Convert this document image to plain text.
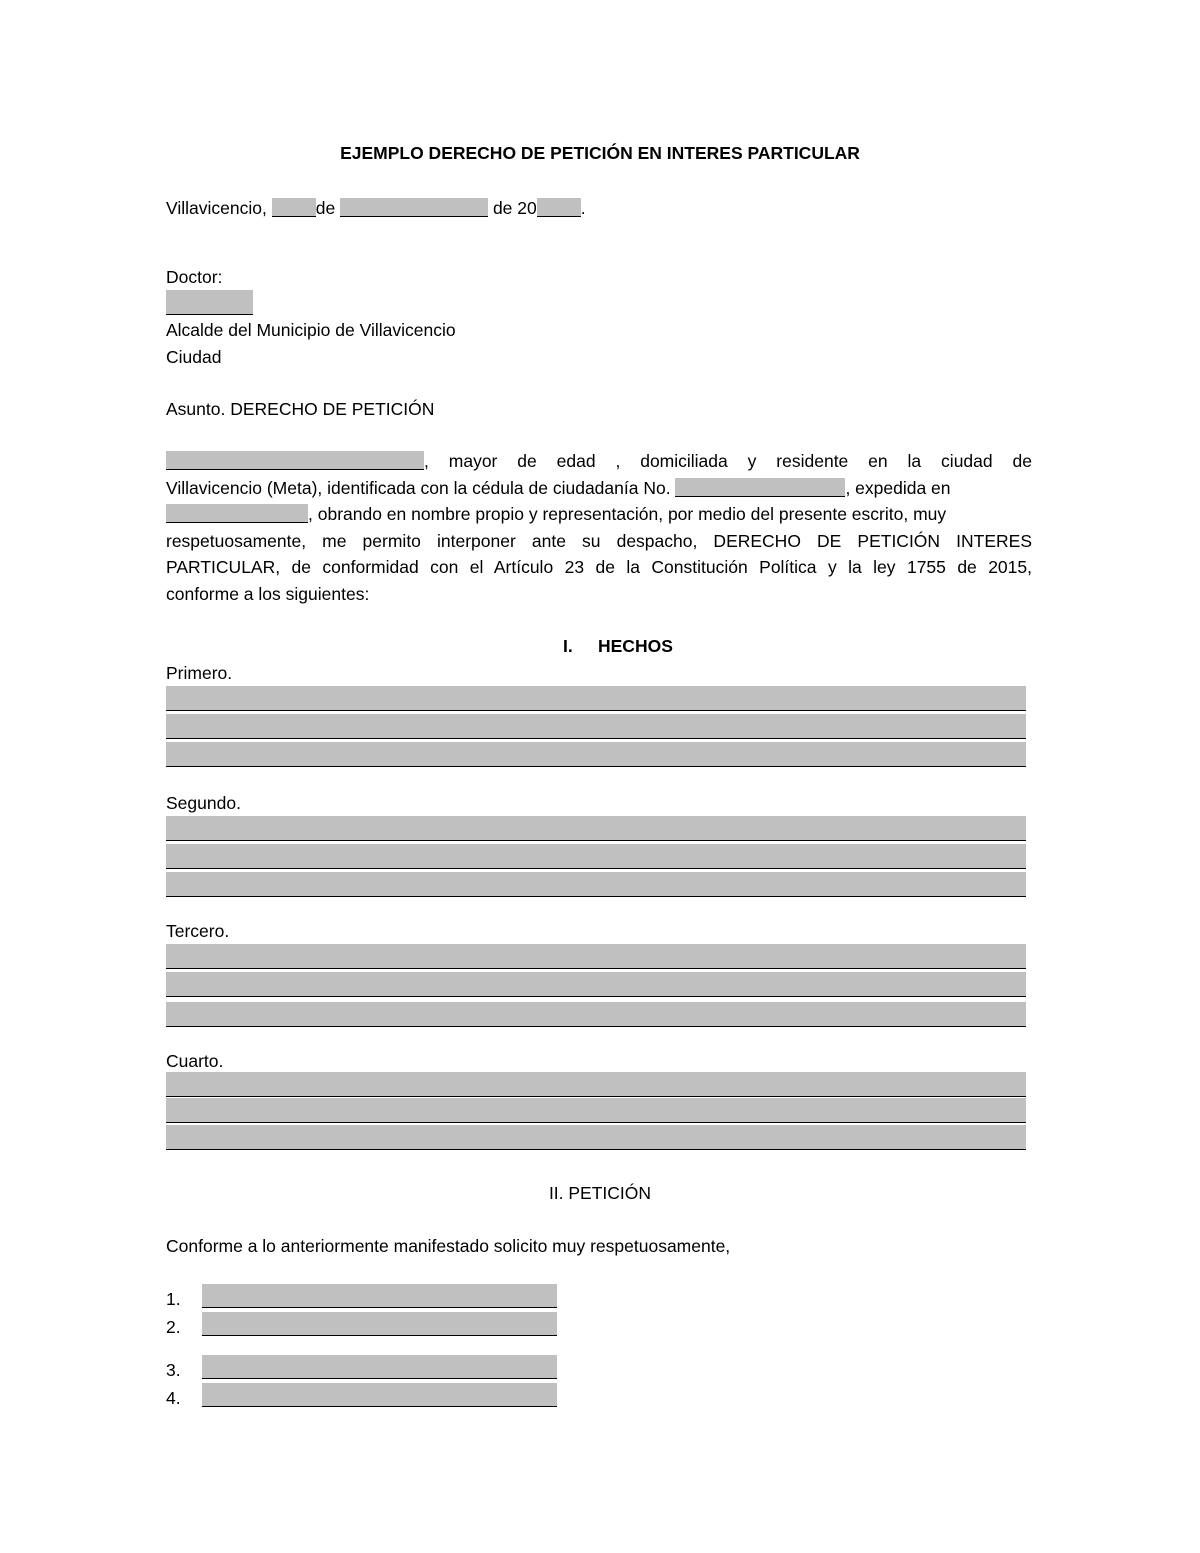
EJEMPLO DERECHO DE PETICIÓN EN INTERES PARTICULAR
Villavicencio,	de	de 20	.
Doctor:
Alcalde del Municipio de Villavicencio
Ciudad
Asunto. DERECHO DE PETICIÓN
, mayor de edad , domiciliada y residente en la ciudad de
Villavicencio (Meta), identificada con la cédula de ciudadanía No.	, expedida en
, obrando en nombre propio y representación, por medio del presente escrito, muy
respetuosamente, me permito interponer ante su despacho, DERECHO DE PETICIÓN INTERES
PARTICULAR, de conformidad con el Artículo 23 de la Constitución Política y la ley 1755 de 2015,
conforme a los siguientes:
I. HECHOS
Primero.
Segundo.
Tercero.
Cuarto.
II. PETICIÓN
Conforme a lo anteriormente manifestado solicito muy respetuosamente,
1.
2.
3.
4.
